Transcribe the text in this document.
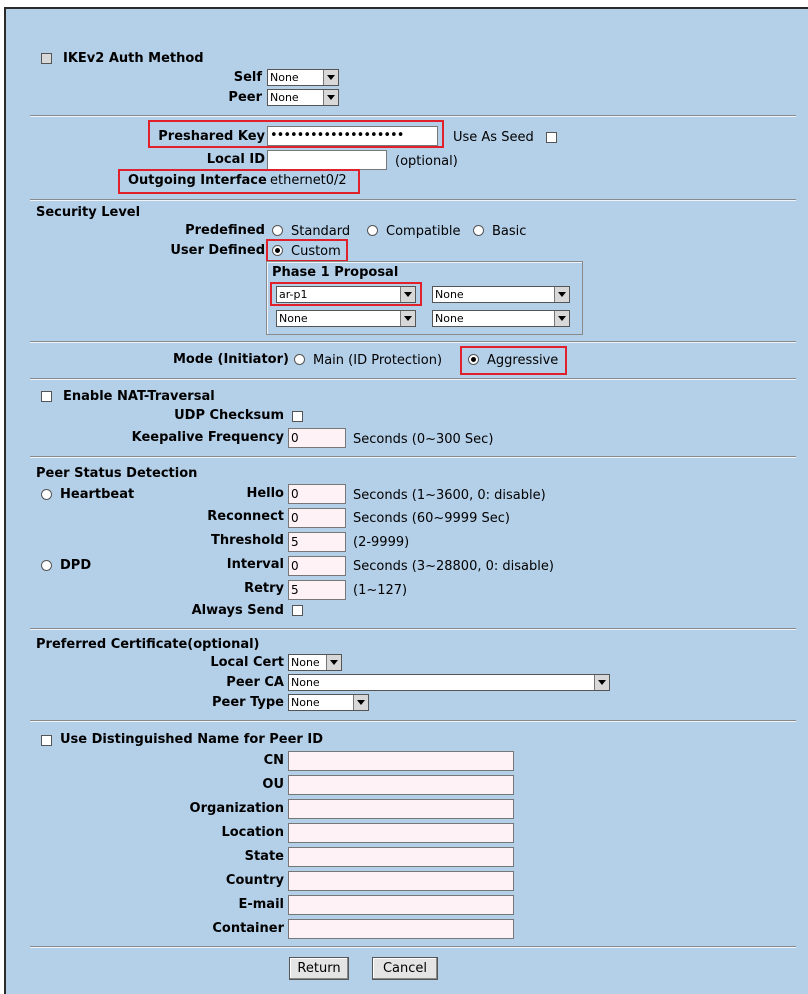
IKEv2 Auth Method
Self None
Peer None
Preshared Key ••••••••••••••••••••	Use As Seed
Local ID	(optional)
Outgoing Interface ethernet0/2
Security Level
Predefined Standard	Compatible Basic
User Defined Custom
Phase 1 Proposal
ar-p1	None
None	None
Mode (Initiator) Main (ID Protection)	Aggressive
Enable NAT-Traversal
UDP Checksum
Keepalive Frequency 0	Seconds (0~300 Sec)
Peer Status Detection
Heartbeat	Hello 0	Seconds (1~3600, 0: disable)
Reconnect 0	Seconds (60~9999 Sec)
Threshold 5	(2-9999)
DPD	Interval 0	Seconds (3~28800, 0: disable)
Retry 5	(1~127)
Always Send
Preferred Certificate(optional)
Local Cert None
Peer CA None
Peer Type None
Use Distinguished Name for Peer ID
CN
OU
Organization
Location
State
Country
E-mail
Container
Return	Cancel
